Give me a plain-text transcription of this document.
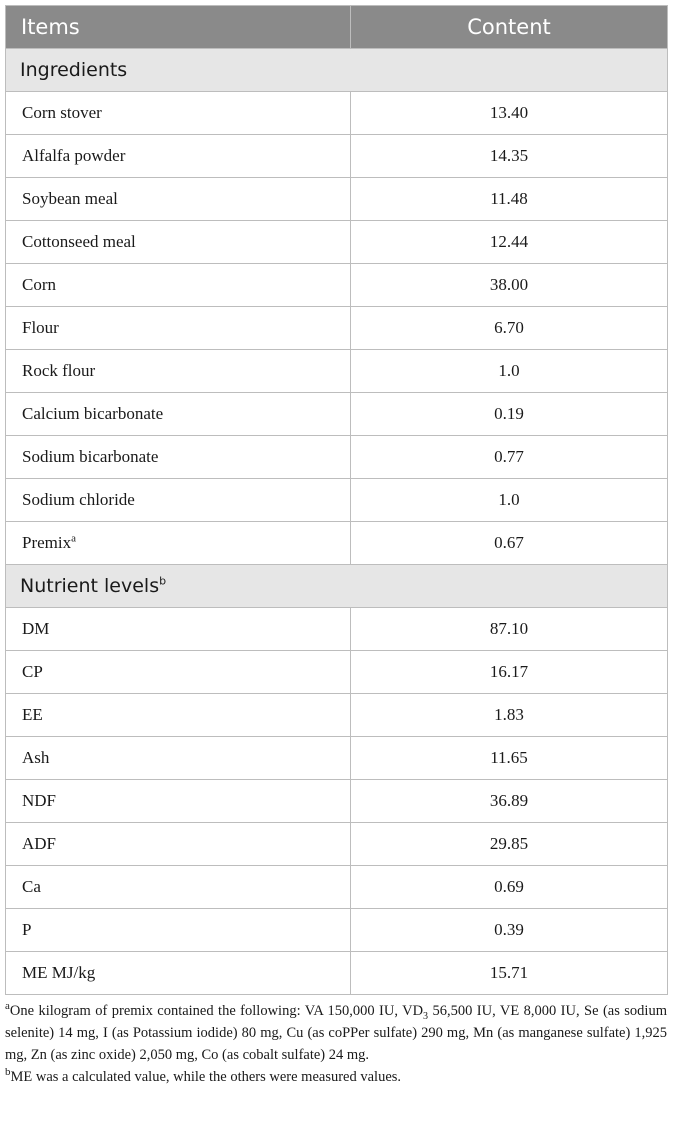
Items	Content
Ingredients	
Corn stover	13.40
Alfalfa powder	14.35
Soybean meal	11.48
Cottonseed meal	12.44
Corn	38.00
Flour	6.70
Rock flour	1.0
Calcium bicarbonate	0.19
Sodium bicarbonate	0.77
Sodium chloride	1.0
Premix$^a$	0.67
Nutrient levels$^b$
DM	87.10
CP	16.17
EE	1.83
Ash	11.65
NDF	36.89
ADF	29.85
Ca	0.69
P	0.39
ME MJ/kg	15.71

$^a$One kilogram of premix contained the following: VA 150,000 IU, $VD_3$ 56,500 IU, VE 8,000 IU, Se (as sodium selenite) 14 mg, I (as Potassium iodide) 80 mg, Cu (as coPPer sulfate) 290 mg, Mn (as manganese sulfate) 1,925 mg, Zn (as zinc oxide) 2,050 mg, Co (as cobalt sulfate) 24 mg.

$^b$ME was a calculated value, while the others were measured values.
